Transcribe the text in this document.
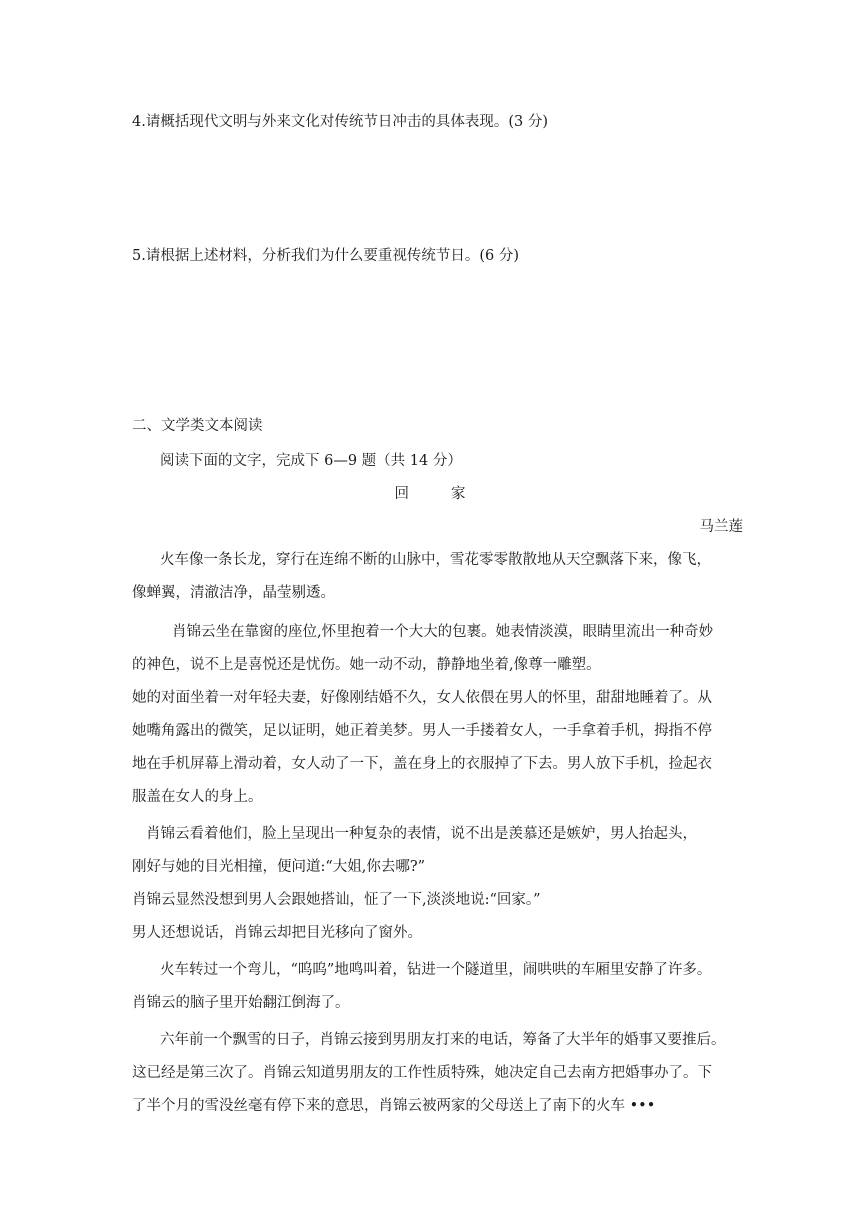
4.请概括现代文明与外来文化对传统节日冲击的具体表现。(3 分)
5.请根据上述材料，分析我们为什么要重视传统节日。(6 分)
二、文学类文本阅读
阅读下面的文字，完成下 6—9 题（共 14 分）
回家
马兰莲
火车像一条长龙，穿行在连绵不断的山脉中，雪花零零散散地从天空飘落下来，像飞，
像蝉翼，清澈洁净，晶莹剔透。
肖锦云坐在靠窗的座位,怀里抱着一个大大的包裹。她表情淡漠，眼睛里流出一种奇妙
的神色，说不上是喜悦还是忧伤。她一动不动，静静地坐着,像尊一雕塑。
她的对面坐着一对年轻夫妻，好像刚结婚不久，女人依偎在男人的怀里，甜甜地睡着了。从
她嘴角露出的微笑，足以证明，她正着美梦。男人一手搂着女人，一手拿着手机，拇指不停
地在手机屏幕上滑动着，女人动了一下，盖在身上的衣服掉了下去。男人放下手机，捡起衣
服盖在女人的身上。
肖锦云看着他们，脸上呈现出一种复杂的表情，说不出是羡慕还是嫉妒，男人抬起头，
刚好与她的目光相撞，便问道:“大姐,你去哪?”
肖锦云显然没想到男人会跟她搭讪，怔了一下,淡淡地说:“回家。”
男人还想说话，肖锦云却把目光移向了窗外。
火车转过一个弯儿，“呜呜”地鸣叫着，钻进一个隧道里，闹哄哄的车厢里安静了许多。
肖锦云的脑子里开始翻江倒海了。
六年前一个飘雪的日子，肖锦云接到男朋友打来的电话，筹备了大半年的婚事又要推后。
这已经是第三次了。肖锦云知道男朋友的工作性质特殊，她决定自己去南方把婚事办了。下
了半个月的雪没丝毫有停下来的意思，肖锦云被两家的父母送上了南下的火车 •••
